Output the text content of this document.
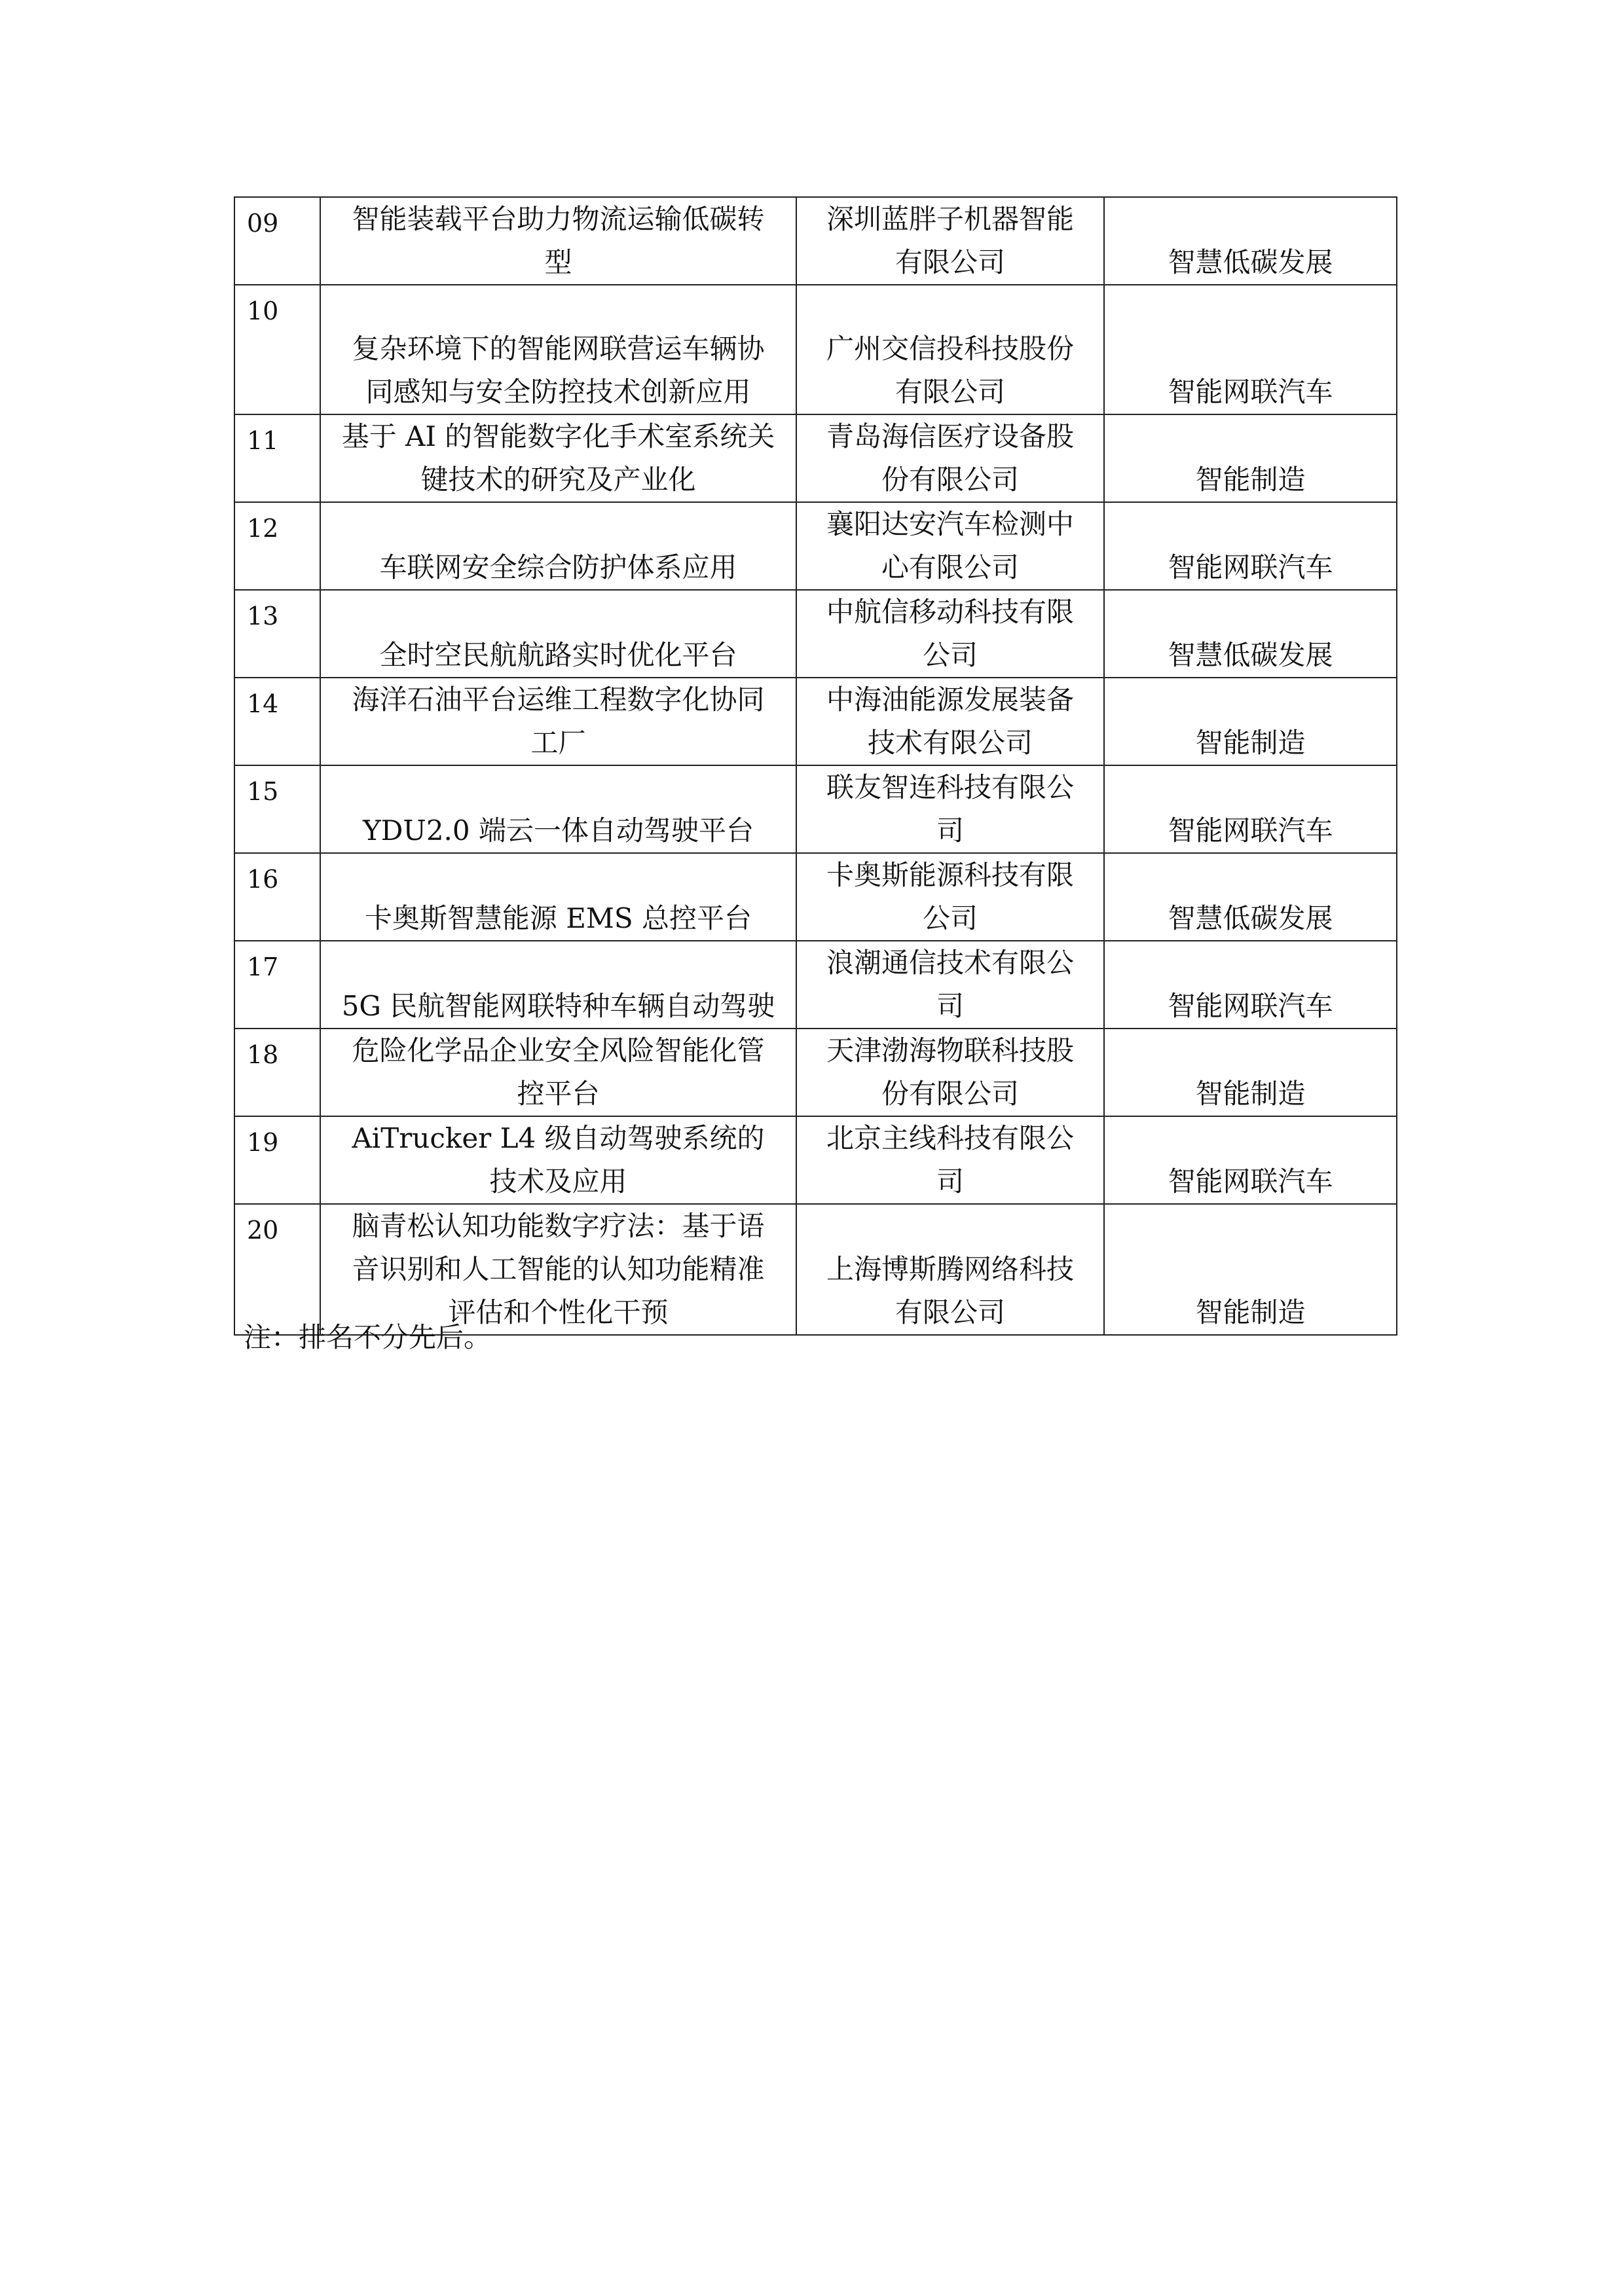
09	智能装载平台助力物流运输低碳转型	深圳蓝胖子机器智能有限公司	智慧低碳发展
10	复杂环境下的智能网联营运车辆协同感知与安全防控技术创新应用	广州交信投科技股份有限公司	智能网联汽车
11	基于 AI 的智能数字化手术室系统关键技术的研究及产业化	青岛海信医疗设备股份有限公司	智能制造
12	车联网安全综合防护体系应用	襄阳达安汽车检测中心有限公司	智能网联汽车
13	全时空民航航路实时优化平台	中航信移动科技有限公司	智慧低碳发展
14	海洋石油平台运维工程数字化协同工厂	中海油能源发展装备技术有限公司	智能制造
15	YDU2.0 端云一体自动驾驶平台	联友智连科技有限公司	智能网联汽车
16	卡奥斯智慧能源 EMS 总控平台	卡奥斯能源科技有限公司	智慧低碳发展
17	5G 民航智能网联特种车辆自动驾驶	浪潮通信技术有限公司	智能网联汽车
18	危险化学品企业安全风险智能化管控平台	天津渤海物联科技股份有限公司	智能制造
19	AiTrucker L4 级自动驾驶系统的技术及应用	北京主线科技有限公司	智能网联汽车
20	脑青松认知功能数字疗法：基于语音识别和人工智能的认知功能精准评估和个性化干预	上海博斯腾网络科技有限公司	智能制造
注：排名不分先后。
